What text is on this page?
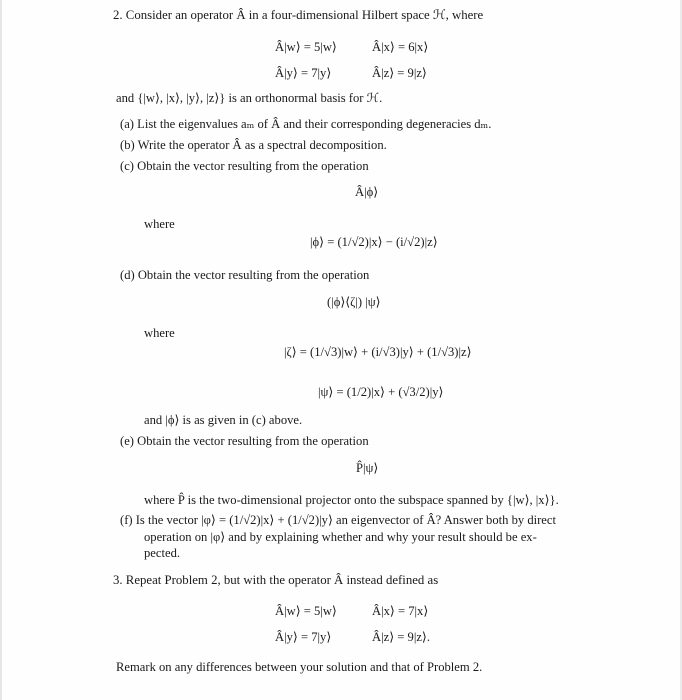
2. Consider an operator Â in a four-dimensional Hilbert space ℋ, where
Â|w⟩ = 5|w⟩	Â|x⟩ = 6|x⟩
Â|y⟩ = 7|y⟩	Â|z⟩ = 9|z⟩
and {|w⟩, |x⟩, |y⟩, |z⟩} is an orthonormal basis for ℋ.
(a) List the eigenvalues aₘ of Â and their corresponding degeneracies dₘ.
(b) Write the operator Â as a spectral decomposition.
(c) Obtain the vector resulting from the operation
Â|ϕ⟩
where
|ϕ⟩ = (1/√2)|x⟩ − (i/√2)|z⟩
(d) Obtain the vector resulting from the operation
(|ϕ⟩⟨ζ|) |ψ⟩
where
|ζ⟩ = (1/√3)|w⟩ + (i/√3)|y⟩ + (1/√3)|z⟩
|ψ⟩ = (1/2)|x⟩ + (√3/2)|y⟩
and |ϕ⟩ is as given in (c) above.
(e) Obtain the vector resulting from the operation
P̂|ψ⟩
where P̂ is the two-dimensional projector onto the subspace spanned by {|w⟩, |x⟩}.
(f) Is the vector |φ⟩ = (1/√2)|x⟩ + (1/√2)|y⟩ an eigenvector of Â? Answer both by direct
operation on |φ⟩ and by explaining whether and why your result should be ex-
pected.
3. Repeat Problem 2, but with the operator Â instead defined as
Â|w⟩ = 5|w⟩	Â|x⟩ = 7|x⟩
Â|y⟩ = 7|y⟩	Â|z⟩ = 9|z⟩.
Remark on any differences between your solution and that of Problem 2.
